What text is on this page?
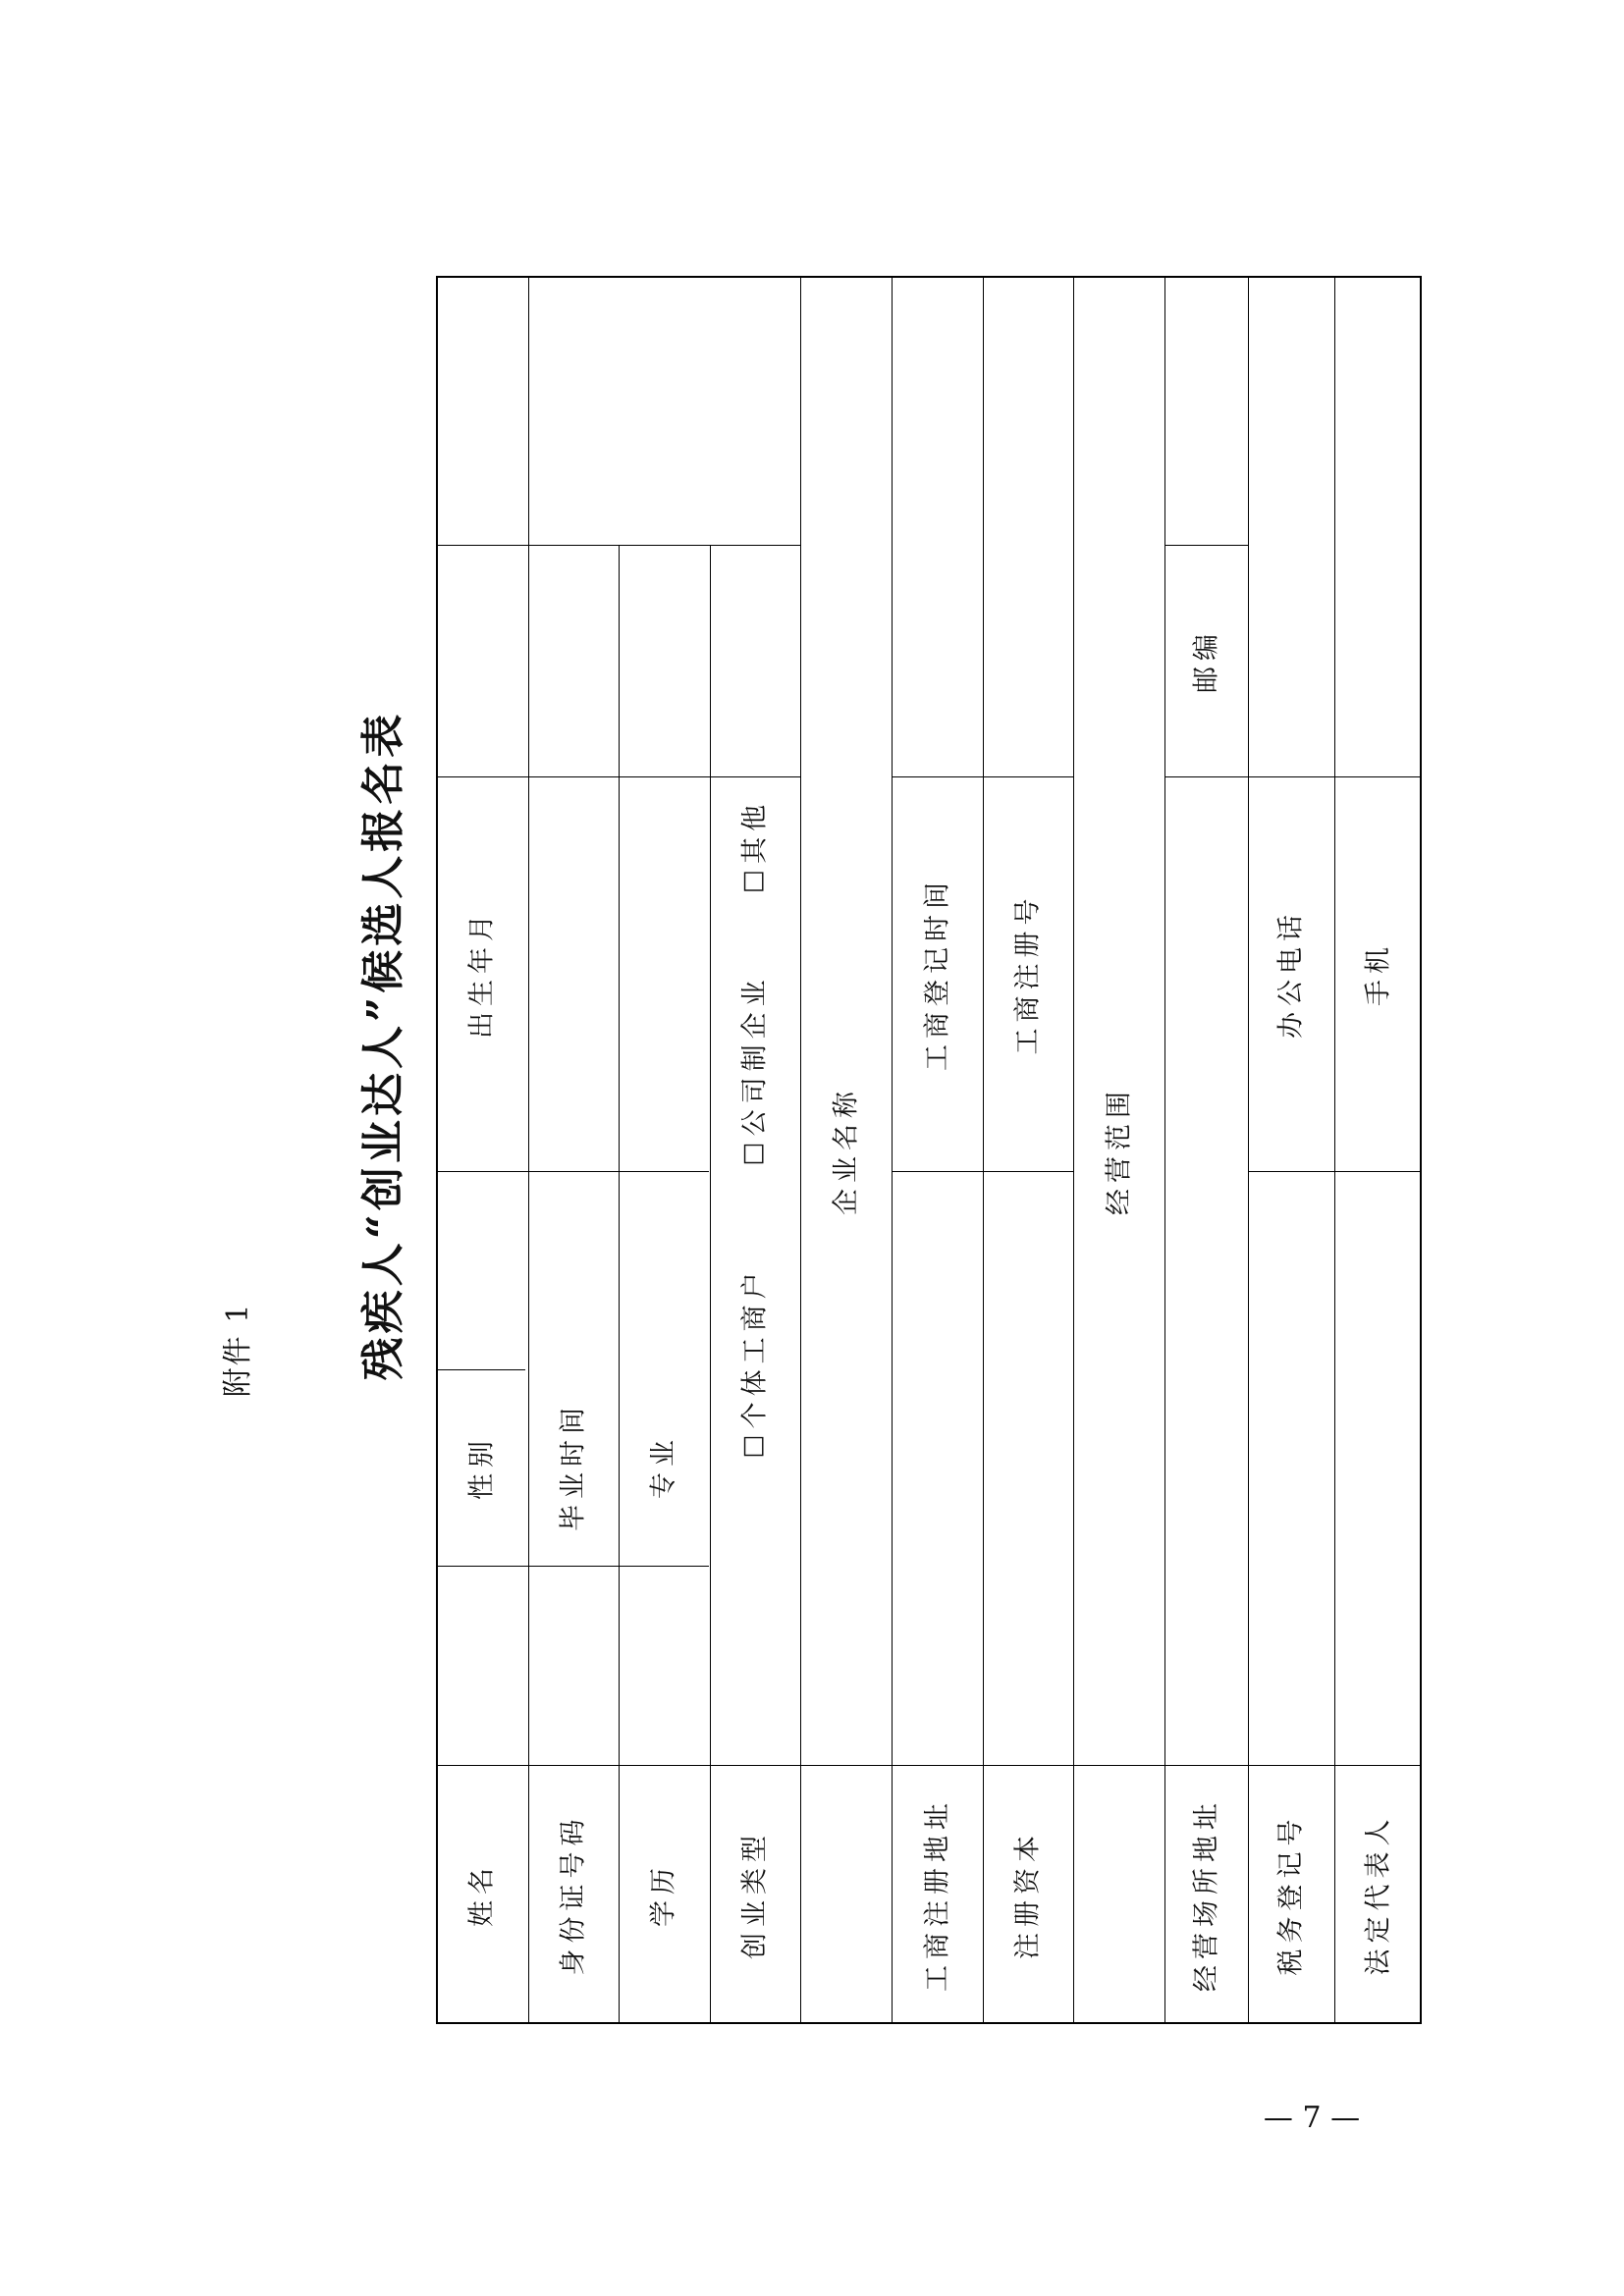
附件 1 残疾人“创业达人”候选人报名表
姓名
性别
出生年月
身份证号码
毕业时间
学历
专业
创业类型
☐个体工商户
☐公司制企业
☐其他
企业名称
工商注册地址
工商登记时间
注册资本
工商注册号
经营范围
经营场所地址
邮编
税务登记号
办公电话
法定代表人
手机
— 7 —
